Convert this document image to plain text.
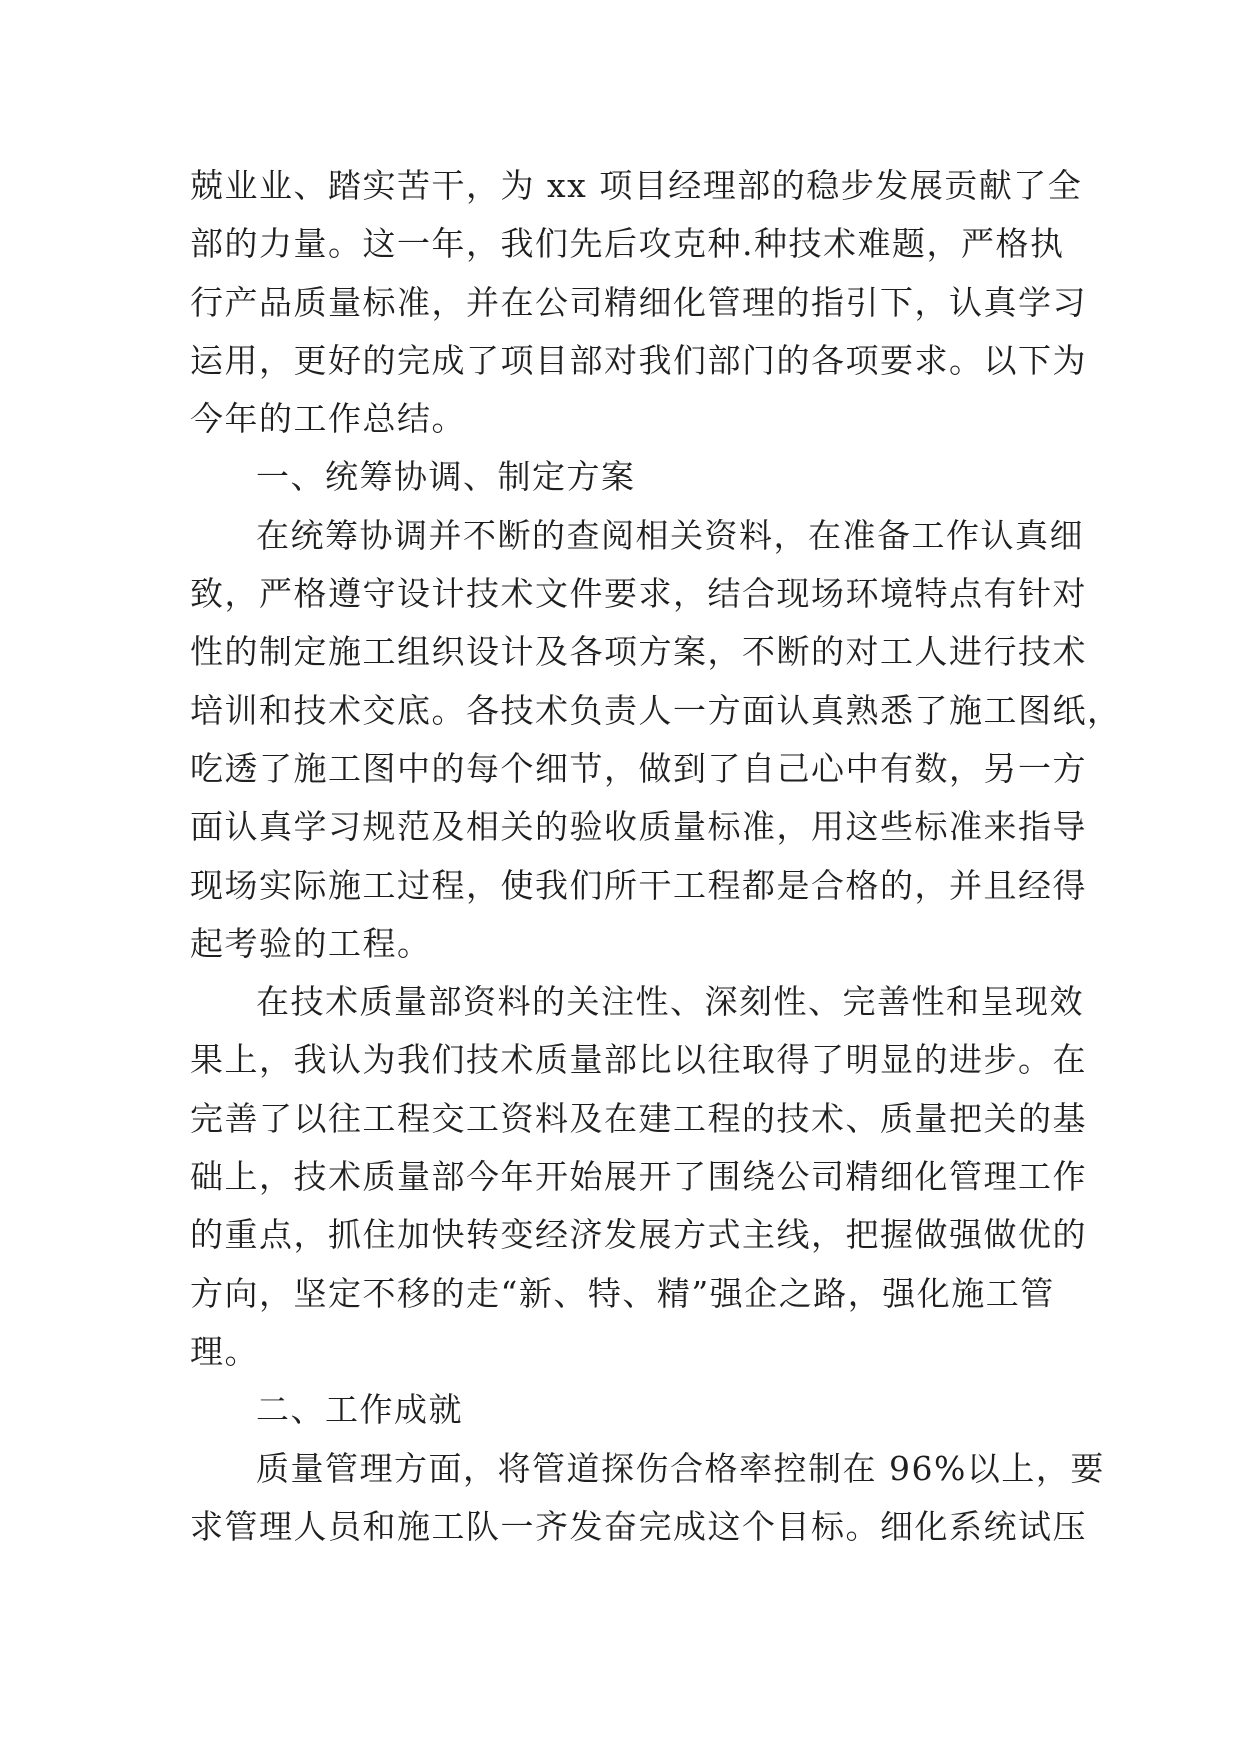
兢业业、踏实苦干，为 xx 项目经理部的稳步发展贡献了全
部的力量。这一年，我们先后攻克种.种技术难题，严格执
行产品质量标准，并在公司精细化管理的指引下，认真学习
运用，更好的完成了项目部对我们部门的各项要求。以下为
今年的工作总结。
一、统筹协调、制定方案
在统筹协调并不断的查阅相关资料，在准备工作认真细
致，严格遵守设计技术文件要求，结合现场环境特点有针对
性的制定施工组织设计及各项方案，不断的对工人进行技术
培训和技术交底。各技术负责人一方面认真熟悉了施工图纸，
吃透了施工图中的每个细节，做到了自己心中有数，另一方
面认真学习规范及相关的验收质量标准，用这些标准来指导
现场实际施工过程，使我们所干工程都是合格的，并且经得
起考验的工程。
在技术质量部资料的关注性、深刻性、完善性和呈现效
果上，我认为我们技术质量部比以往取得了明显的进步。在
完善了以往工程交工资料及在建工程的技术、质量把关的基
础上，技术质量部今年开始展开了围绕公司精细化管理工作
的重点，抓住加快转变经济发展方式主线，把握做强做优的
方向，坚定不移的走“新、特、精”强企之路，强化施工管
理。
二、工作成就
质量管理方面，将管道探伤合格率控制在 96%以上，要
求管理人员和施工队一齐发奋完成这个目标。细化系统试压
